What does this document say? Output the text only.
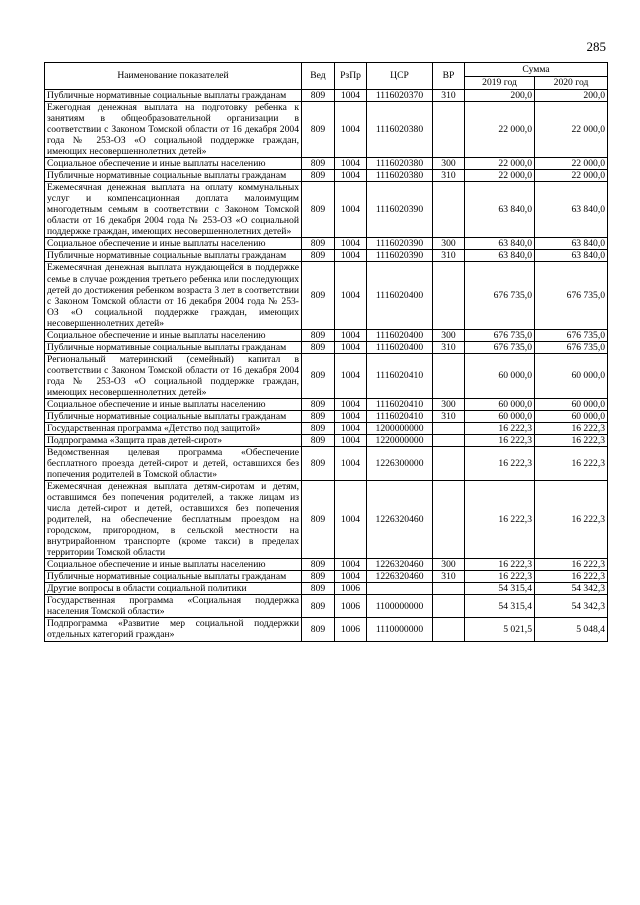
285
Наименование показателей	Вед	РзПр	ЦСР	ВР	Сумма	
					2019 год	2020 год
Публичные нормативные социальные выплаты гражданам	809	1004	1116020370	310	200,0	200,0
Ежегодная денежная выплата на подготовку ребенка к занятиям в общеобразовательной организации в соответствии с Законом Томской области от 16 декабря 2004 года № 253-ОЗ «О социальной поддержке граждан, имеющих несовершеннолетних детей»	809	1004	1116020380		22 000,0	22 000,0
Социальное обеспечение и иные выплаты населению	809	1004	1116020380	300	22 000,0	22 000,0
Публичные нормативные социальные выплаты гражданам	809	1004	1116020380	310	22 000,0	22 000,0
Ежемесячная денежная выплата на оплату коммунальных услуг и компенсационная доплата малоимущим многодетным семьям в соответствии с Законом Томской области от 16 декабря 2004 года № 253-ОЗ «О социальной поддержке граждан, имеющих несовершеннолетних детей»	809	1004	1116020390		63 840,0	63 840,0
Социальное обеспечение и иные выплаты населению	809	1004	1116020390	300	63 840,0	63 840,0
Публичные нормативные социальные выплаты гражданам	809	1004	1116020390	310	63 840,0	63 840,0
Ежемесячная денежная выплата нуждающейся в поддержке семье в случае рождения третьего ребенка или последующих детей до достижения ребенком возраста 3 лет в соответствии с Законом Томской области от 16 декабря 2004 года № 253-ОЗ «О социальной поддержке граждан, имеющих несовершеннолетних детей»	809	1004	1116020400		676 735,0	676 735,0
Социальное обеспечение и иные выплаты населению	809	1004	1116020400	300	676 735,0	676 735,0
Публичные нормативные социальные выплаты гражданам	809	1004	1116020400	310	676 735,0	676 735,0
Региональный материнский (семейный) капитал в соответствии с Законом Томской области от 16 декабря 2004 года № 253-ОЗ «О социальной поддержке граждан, имеющих несовершеннолетних детей»	809	1004	1116020410		60 000,0	60 000,0
Социальное обеспечение и иные выплаты населению	809	1004	1116020410	300	60 000,0	60 000,0
Публичные нормативные социальные выплаты гражданам	809	1004	1116020410	310	60 000,0	60 000,0
Государственная программа «Детство под защитой»	809	1004	1200000000		16 222,3	16 222,3
Подпрограмма «Защита прав детей-сирот»	809	1004	1220000000		16 222,3	16 222,3
Ведомственная целевая программа «Обеспечение бесплатного проезда детей-сирот и детей, оставшихся без попечения родителей в Томской области»	809	1004	1226300000		16 222,3	16 222,3
Ежемесячная денежная выплата детям-сиротам и детям, оставшимся без попечения родителей, а также лицам из числа детей-сирот и детей, оставшихся без попечения родителей, на обеспечение бесплатным проездом на городском, пригородном, в сельской местности на внутрирайонном транспорте (кроме такси) в пределах территории Томской области	809	1004	1226320460		16 222,3	16 222,3
Социальное обеспечение и иные выплаты населению	809	1004	1226320460	300	16 222,3	16 222,3
Публичные нормативные социальные выплаты гражданам	809	1004	1226320460	310	16 222,3	16 222,3
Другие вопросы в области социальной политики	809	1006			54 315,4	54 342,3
Государственная программа «Социальная поддержка населения Томской области»	809	1006	1100000000		54 315,4	54 342,3
Подпрограмма «Развитие мер социальной поддержки отдельных категорий граждан»	809	1006	1110000000		5 021,5	5 048,4
